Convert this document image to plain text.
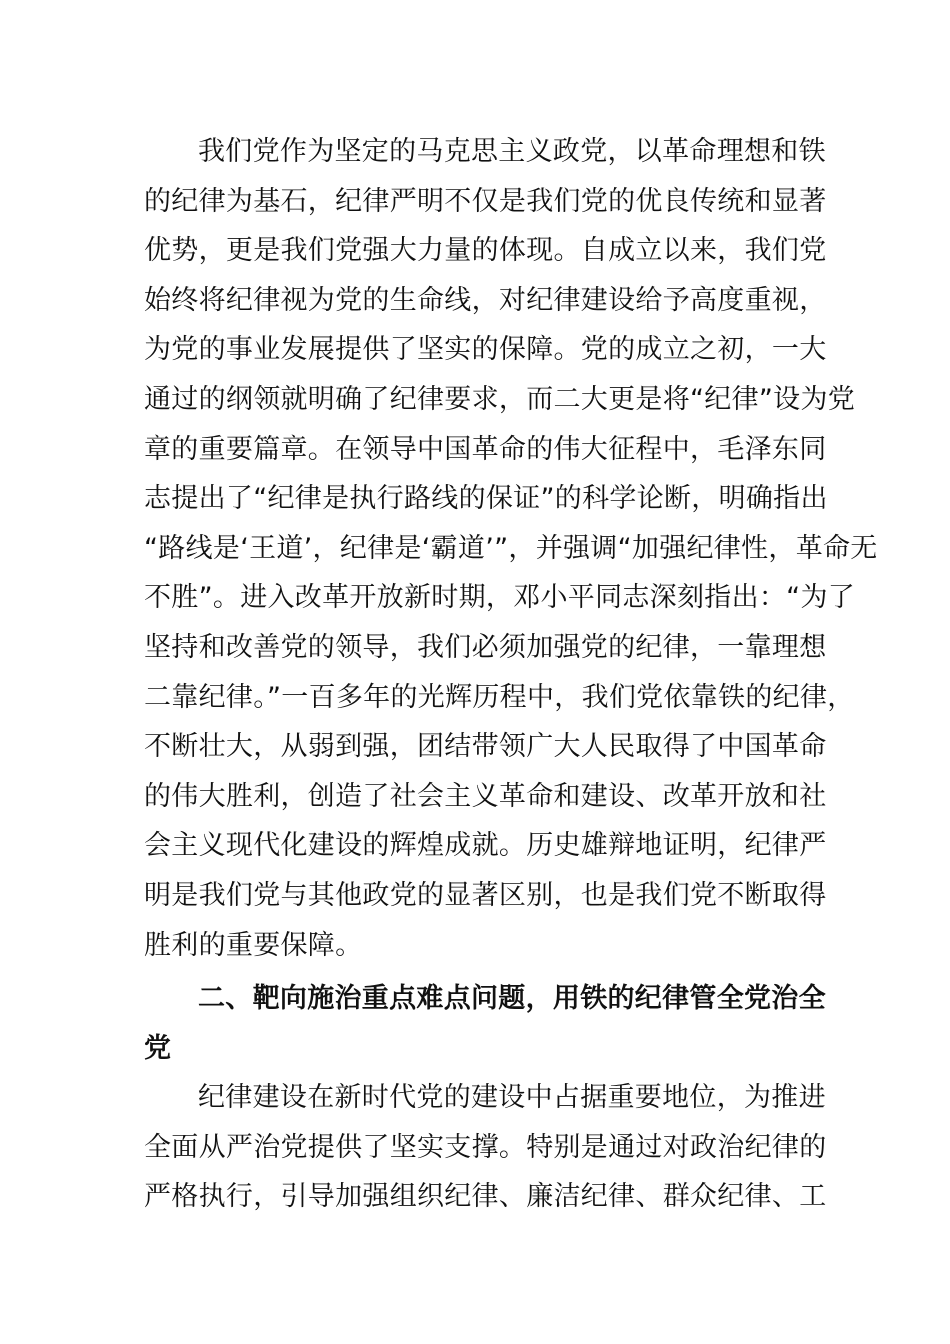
我们党作为坚定的马克思主义政党，以革命理想和铁
的纪律为基石，纪律严明不仅是我们党的优良传统和显著
优势，更是我们党强大力量的体现。自成立以来，我们党
始终将纪律视为党的生命线，对纪律建设给予高度重视，
为党的事业发展提供了坚实的保障。党的成立之初，一大
通过的纲领就明确了纪律要求，而二大更是将“纪律”设为党
章的重要篇章。在领导中国革命的伟大征程中，毛泽东同
志提出了“纪律是执行路线的保证”的科学论断，明确指出
“路线是‘王道’，纪律是‘霸道’”，并强调“加强纪律性，革命无
不胜”。进入改革开放新时期，邓小平同志深刻指出：“为了
坚持和改善党的领导，我们必须加强党的纪律，一靠理想
二靠纪律。”一百多年的光辉历程中，我们党依靠铁的纪律，
不断壮大，从弱到强，团结带领广大人民取得了中国革命
的伟大胜利，创造了社会主义革命和建设、改革开放和社
会主义现代化建设的辉煌成就。历史雄辩地证明，纪律严
明是我们党与其他政党的显著区别，也是我们党不断取得
胜利的重要保障。
二、靶向施治重点难点问题，用铁的纪律管全党治全
党
纪律建设在新时代党的建设中占据重要地位，为推进
全面从严治党提供了坚实支撑。特别是通过对政治纪律的
严格执行，引导加强组织纪律、廉洁纪律、群众纪律、工
